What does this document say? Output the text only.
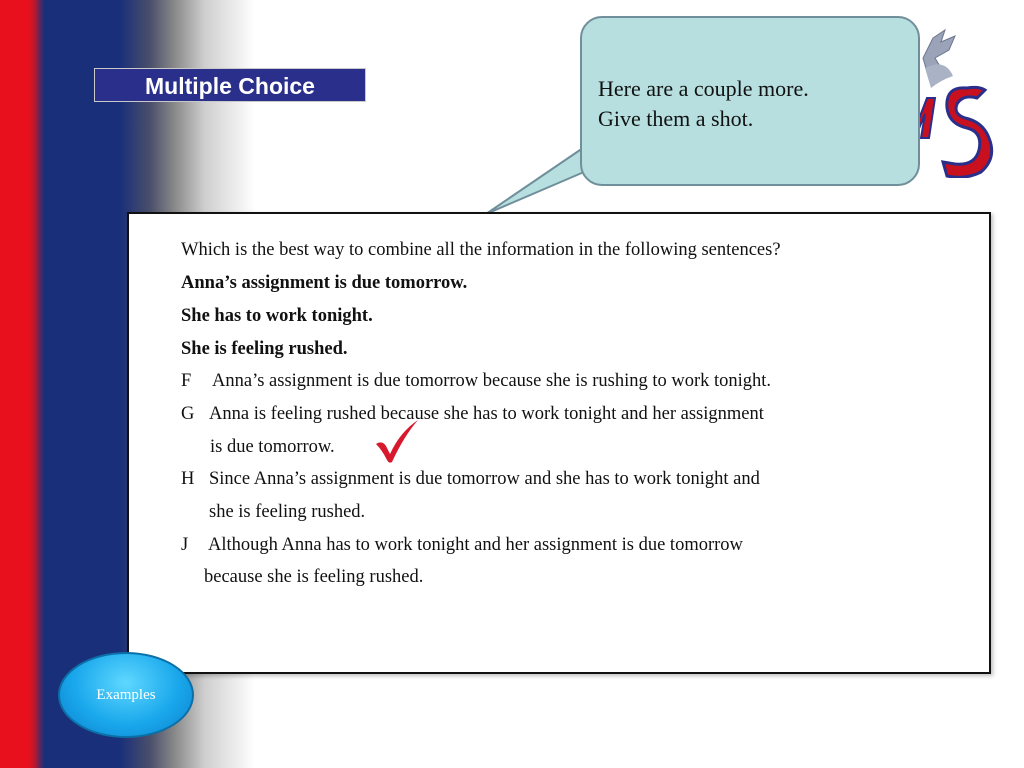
Multiple Choice	Here are a couple more.
Give them a shot.
Which is the best way to combine all the information in the following sentences?
Anna’s assignment is due tomorrow.
She has to work tonight.
She is feeling rushed.
F Anna’s assignment is due tomorrow because she is rushing to work tonight.
G Anna is feeling rushed because she has to work tonight and her assignment
is due tomorrow.
H Since Anna’s assignment is due tomorrow and she has to work tonight and
she is feeling rushed.
J Although Anna has to work tonight and her assignment is due tomorrow
because she is feeling rushed.
Examples
